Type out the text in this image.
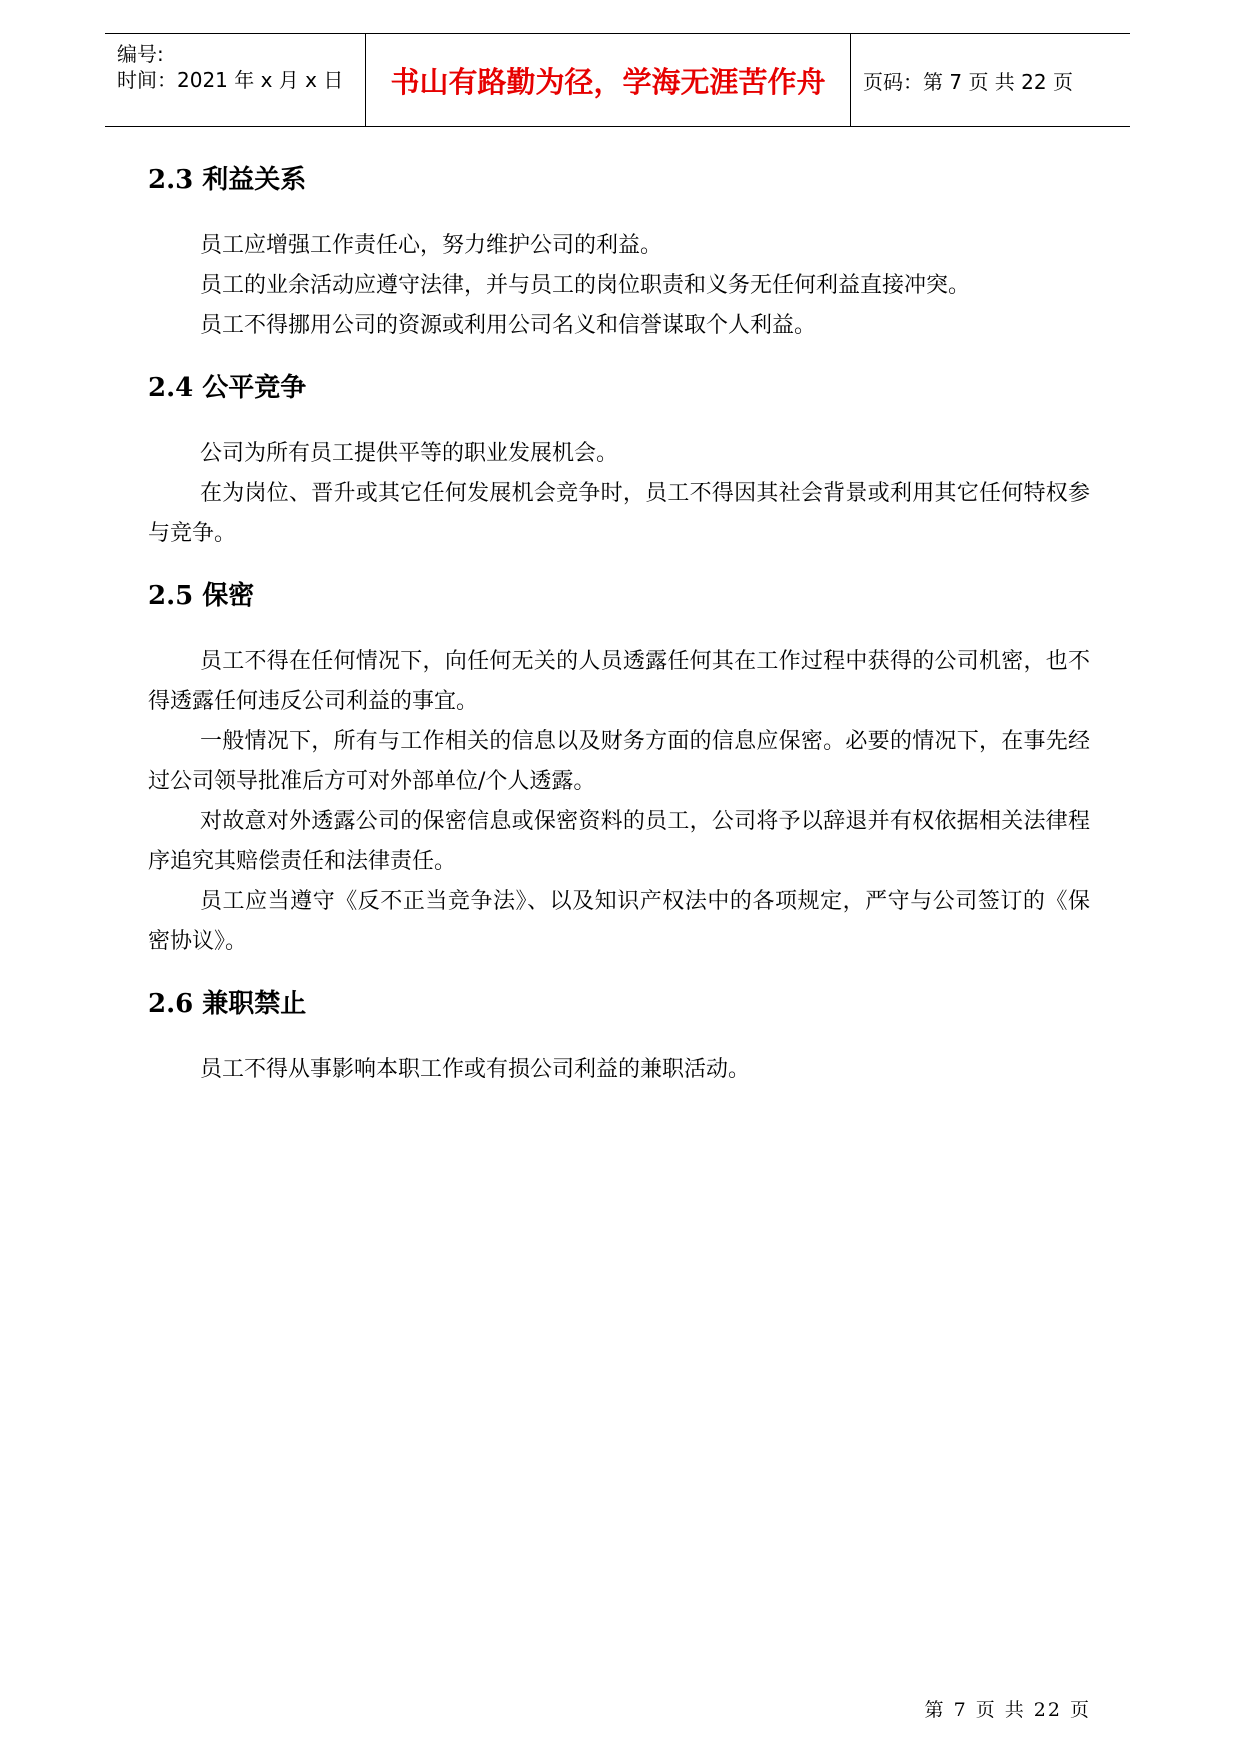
编号:
时间：2021 年 x 月 x 日	书山有路勤为径，学海无涯苦作舟	页码：第 7 页 共 22 页
2.3 利益关系

员工应增强工作责任心，努力维护公司的利益。

员工的业余活动应遵守法律，并与员工的岗位职责和义务无任何利益直接冲突。

员工不得挪用公司的资源或利用公司名义和信誉谋取个人利益。

2.4 公平竞争

公司为所有员工提供平等的职业发展机会。

在为岗位、晋升或其它任何发展机会竞争时，员工不得因其社会背景或利用其它任何特权参与竞争。

2.5 保密

员工不得在任何情况下，向任何无关的人员透露任何其在工作过程中获得的公司机密，也不得透露任何违反公司利益的事宜。

一般情况下，所有与工作相关的信息以及财务方面的信息应保密。必要的情况下，在事先经过公司领导批准后方可对外部单位/个人透露。

对故意对外透露公司的保密信息或保密资料的员工，公司将予以辞退并有权依据相关法律程序追究其赔偿责任和法律责任。

员工应当遵守《反不正当竞争法》、以及知识产权法中的各项规定，严守与公司签订的《保密协议》。

2.6 兼职禁止

员工不得从事影响本职工作或有损公司利益的兼职活动。

第 7 页 共 22 页
